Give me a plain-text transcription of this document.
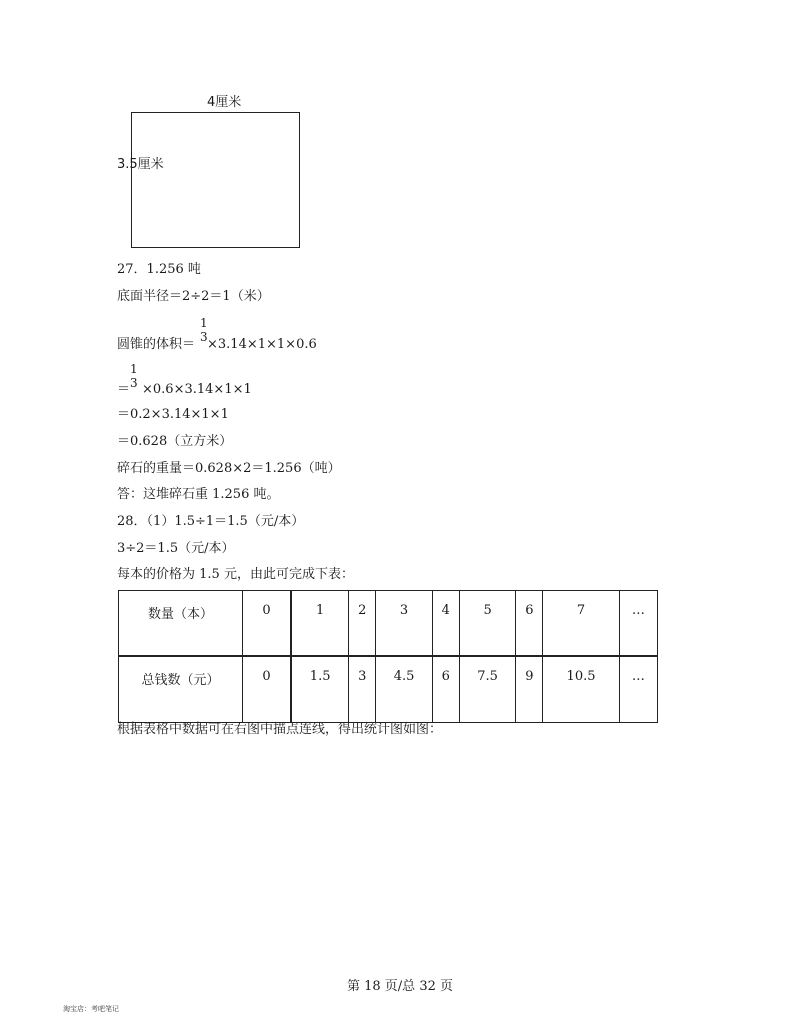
4厘米
3.5厘米
27．1.256 吨
底面半径＝2÷2＝1（米）
1
3
圆锥的体积＝ ×3.14×1×1×0.6
1
3
＝ ×0.6×3.14×1×1
＝0.2×3.14×1×1
＝0.628（立方米）
碎石的重量＝0.628×2＝1.256（吨）
答：这堆碎石重 1.256 吨。
28．（1）1.5÷1＝1.5（元/本）
3÷2＝1.5（元/本）
每本的价格为 1.5 元，由此可完成下表：
数量（本）	0	1	2	3	4	5	6	7	…
总钱数（元）	0	1.5	3	4.5	6	7.5	9	10.5	…
根据表格中数据可在右图中描点连线，得出统计图如图：
第 18 页/总 32 页
淘宝店：考吧笔记
